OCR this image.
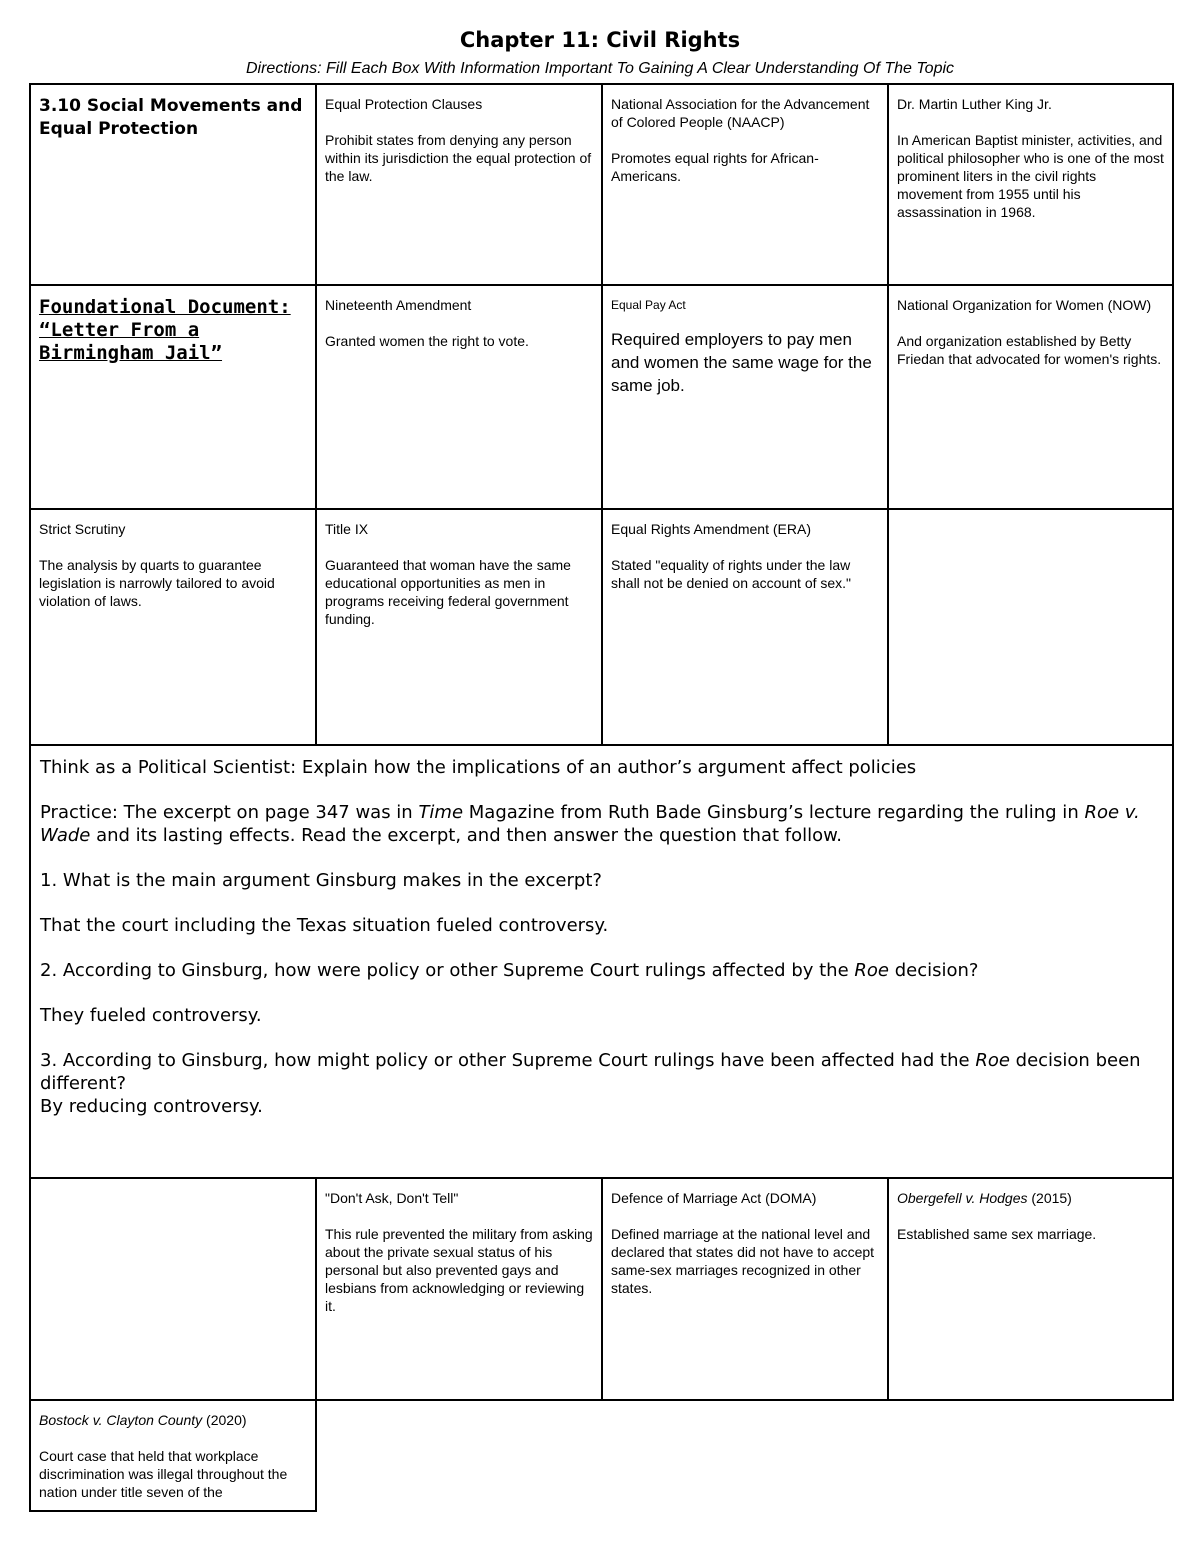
Chapter 11: Civil Rights
Directions: Fill Each Box With Information Important To Gaining A Clear Understanding Of The Topic
3.10 Social Movements and Equal Protection
Equal Protection Clauses
Prohibit states from denying any person within its jurisdiction the equal protection of the law.
National Association for the Advancement of Colored People (NAACP)
Promotes equal rights for African-Americans.
Dr. Martin Luther King Jr.
In American Baptist minister, activities, and political philosopher who is one of the most prominent liters in the civil rights movement from 1955 until his assassination in 1968.
Foundational Document: “Letter From a Birmingham Jail”
Nineteenth Amendment
Granted women the right to vote.
Equal Pay Act
Required employers to pay men and women the same wage for the same job.
National Organization for Women (NOW)
And organization established by Betty Friedan that advocated for women's rights.
Strict Scrutiny
The analysis by quarts to guarantee legislation is narrowly tailored to avoid violation of laws.
Title IX
Guaranteed that woman have the same educational opportunities as men in programs receiving federal government funding.
Equal Rights Amendment (ERA)
Stated "equality of rights under the law shall not be denied on account of sex."

Think as a Political Scientist: Explain how the implications of an author’s argument affect policies

Practice: The excerpt on page 347 was in Time Magazine from Ruth Bade Ginsburg’s lecture regarding the ruling in Roe v. Wade and its lasting effects. Read the excerpt, and then answer the question that follow.

1. What is the main argument Ginsburg makes in the excerpt?

That the court including the Texas situation fueled controversy.

2. According to Ginsburg, how were policy or other Supreme Court rulings affected by the Roe decision?

They fueled controversy.

3. According to Ginsburg, how might policy or other Supreme Court rulings have been affected had the Roe decision been different?

By reducing controversy.

"Don't Ask, Don't Tell"
This rule prevented the military from asking about the private sexual status of his personal but also prevented gays and lesbians from acknowledging or reviewing it.
Defence of Marriage Act (DOMA)
Defined marriage at the national level and declared that states did not have to accept same-sex marriages recognized in other states.
Obergefell v. Hodges (2015)
Established same sex marriage.
Bostock v. Clayton County (2020)
Court case that held that workplace discrimination was illegal throughout the nation under title seven of the
